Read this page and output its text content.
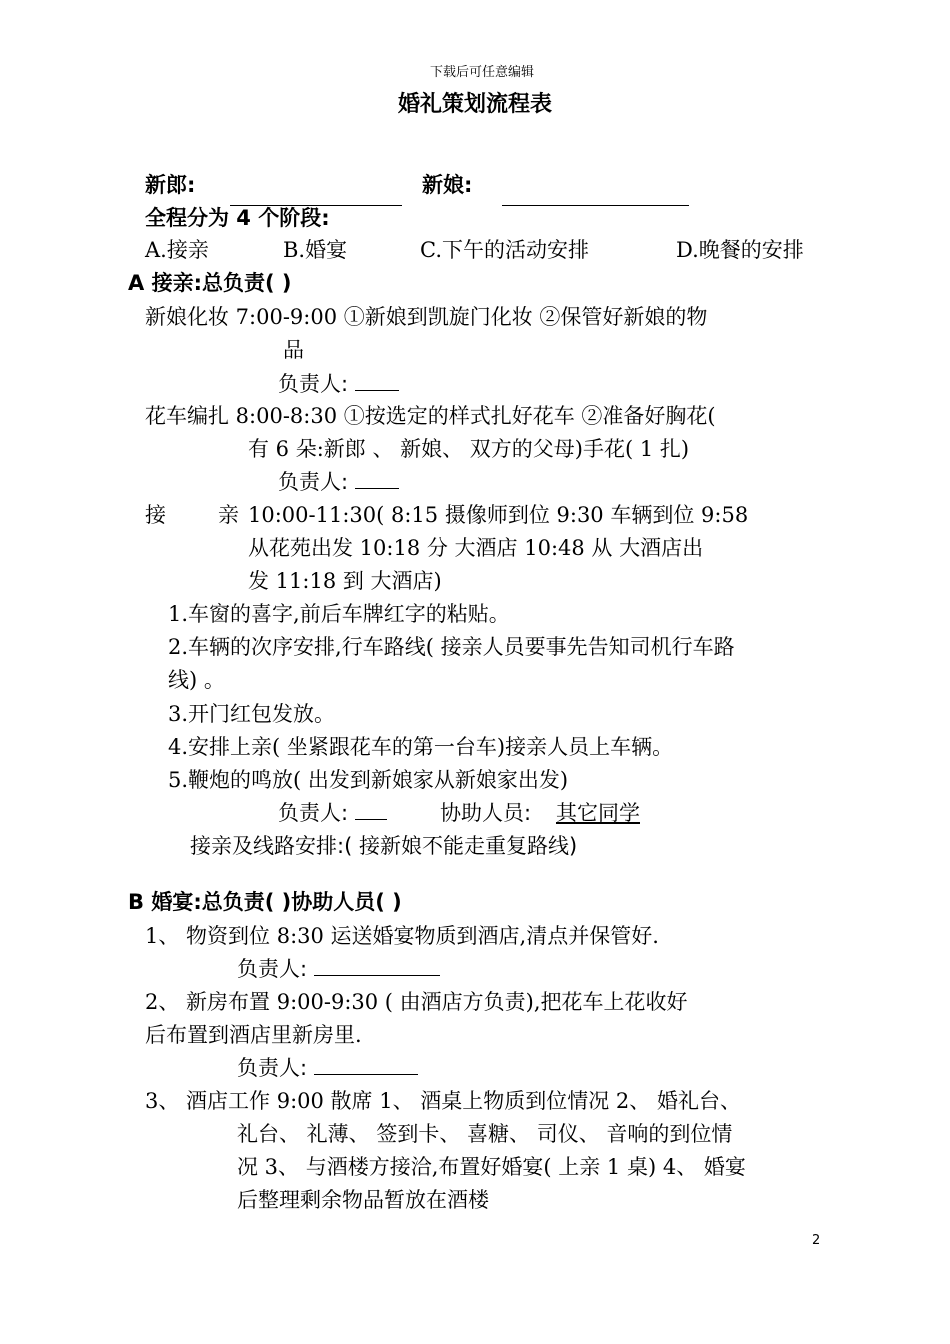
下载后可任意编辑
婚礼策划流程表
新郎:	新娘:
全程分为 4 个阶段:
A.接亲	B.婚宴	C.下午的活动安排	D.晚餐的安排
A 接亲:总负责( )
新娘化妆 7:00-9:00 ①新娘到凯旋门化妆 ②保管好新娘的物
品
负责人:
花车编扎 8:00-8:30 ①按选定的样式扎好花车 ②准备好胸花(
有 6 朵:新郎 、 新娘、 双方的父母)手花( 1 扎)
负责人:
接 亲 10:00-11:30( 8:15 摄像师到位 9:30 车辆到位 9:58
从花苑出发 10:18 分 大酒店 10:48 从 大酒店出
发 11:18 到 大酒店)
1.车窗的喜字,前后车牌红字的粘贴。
2.车辆的次序安排,行车路线( 接亲人员要事先告知司机行车路
线) 。
3.开门红包发放。
4.安排上亲( 坐紧跟花车的第一台车)接亲人员上车辆。
5.鞭炮的鸣放( 出发到新娘家从新娘家出发)
负责人:	协助人员: 其它同学
接亲及线路安排:( 接新娘不能走重复路线)
B 婚宴:总负责( )协助人员( )
1、 物资到位 8:30 运送婚宴物质到酒店,清点并保管好.
负责人:
2、 新房布置 9:00-9:30 ( 由酒店方负责),把花车上花收好
后布置到酒店里新房里.
负责人:
3、 酒店工作 9:00 散席 1、 酒桌上物质到位情况 2、 婚礼台、
礼台、 礼薄、 签到卡、 喜糖、 司仪、 音响的到位情
况 3、 与酒楼方接洽,布置好婚宴( 上亲 1 桌) 4、 婚宴
后整理剩余物品暂放在酒楼
2
